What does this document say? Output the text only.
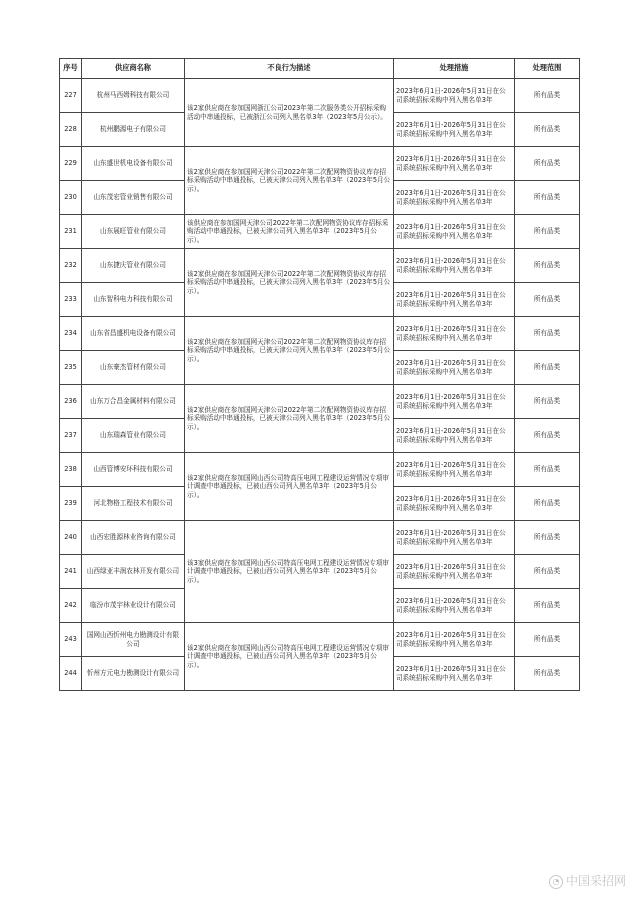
序号	供应商名称	不良行为描述	处理措施	处理范围
227	杭州马西姆科技有限公司	该2家供应商在参加国网浙江公司2023年第二次服务类公开招标采购活动中串通投标，已被浙江公司列入黑名单3年（2023年5月公示）。	2023年6月1日-2026年5月31日在公司系统招标采购中列入黑名单3年	所有品类
228	杭州鹏源电子有限公司		2023年6月1日-2026年5月31日在公司系统招标采购中列入黑名单3年	所有品类
229	山东盛世机电设备有限公司	该2家供应商在参加国网天津公司2022年第二次配网物资协议库存招标采购活动中串通投标，已被天津公司列入黑名单3年（2023年5月公示）。	2023年6月1日-2026年5月31日在公司系统招标采购中列入黑名单3年	所有品类
230	山东茂宏管业销售有限公司		2023年6月1日-2026年5月31日在公司系统招标采购中列入黑名单3年	所有品类
231	山东展旺管业有限公司	该供应商在参加国网天津公司2022年第二次配网物资协议库存招标采购活动中串通投标，已被天津公司列入黑名单3年（2023年5月公示）。	2023年6月1日-2026年5月31日在公司系统招标采购中列入黑名单3年	所有品类
232	山东捷庆管业有限公司	该2家供应商在参加国网天津公司2022年第二次配网物资协议库存招标采购活动中串通投标，已被天津公司列入黑名单3年（2023年5月公示）。	2023年6月1日-2026年5月31日在公司系统招标采购中列入黑名单3年	所有品类
233	山东智科电力科技有限公司		2023年6月1日-2026年5月31日在公司系统招标采购中列入黑名单3年	所有品类
234	山东省昌盛机电设备有限公司	该2家供应商在参加国网天津公司2022年第二次配网物资协议库存招标采购活动中串通投标，已被天津公司列入黑名单3年（2023年5月公示）。	2023年6月1日-2026年5月31日在公司系统招标采购中列入黑名单3年	所有品类
235	山东豪杰管材有限公司		2023年6月1日-2026年5月31日在公司系统招标采购中列入黑名单3年	所有品类
236	山东万合昌金属材料有限公司	该2家供应商在参加国网天津公司2022年第二次配网物资协议库存招标采购活动中串通投标，已被天津公司列入黑名单3年（2023年5月公示）。	2023年6月1日-2026年5月31日在公司系统招标采购中列入黑名单3年	所有品类
237	山东瑞森管业有限公司		2023年6月1日-2026年5月31日在公司系统招标采购中列入黑名单3年	所有品类
238	山西管博安环科技有限公司	该2家供应商在参加国网山西公司特高压电网工程建设运营情况专项审计调查中串通投标，已被山西公司列入黑名单3年（2023年5月公示）。	2023年6月1日-2026年5月31日在公司系统招标采购中列入黑名单3年	所有品类
239	河北物格工程技术有限公司		2023年6月1日-2026年5月31日在公司系统招标采购中列入黑名单3年	所有品类
240	山西宏胜源林业咨询有限公司	该3家供应商在参加国网山西公司特高压电网工程建设运营情况专项审计调查中串通投标，已被山西公司列入黑名单3年（2023年5月公示）。	2023年6月1日-2026年5月31日在公司系统招标采购中列入黑名单3年	所有品类
241	山西绿亚丰润农林开发有限公司		2023年6月1日-2026年5月31日在公司系统招标采购中列入黑名单3年	所有品类
242	临汾市茂宇林业设计有限公司		2023年6月1日-2026年5月31日在公司系统招标采购中列入黑名单3年	所有品类
243	国网山西忻州电力勘测设计有限公司	该2家供应商在参加国网山西公司特高压电网工程建设运营情况专项审计调查中串通投标，已被山西公司列入黑名单3年（2023年5月公示）。	2023年6月1日-2026年5月31日在公司系统招标采购中列入黑名单3年	所有品类
244	忻州方元电力勘测设计有限公司		2023年6月1日-2026年5月31日在公司系统招标采购中列入黑名单3年	所有品类
◔ 中国采招网
